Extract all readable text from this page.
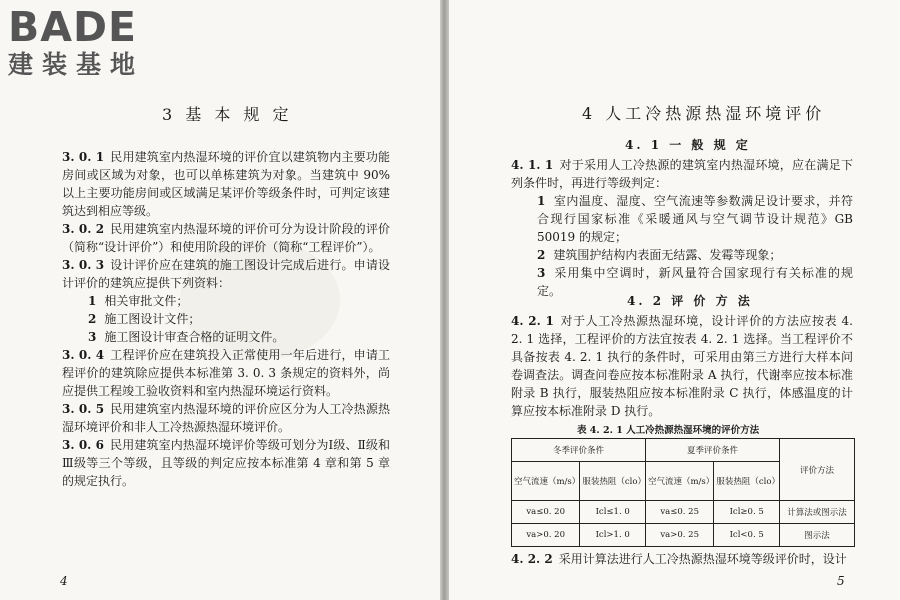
BADE
建装基地
3 基 本 规 定

3. 0. 1 民用建筑室内热湿环境的评价宜以建筑物内主要功能房间或区域为对象，也可以单栋建筑为对象。当建筑中 90%以上主要功能房间或区域满足某评价等级条件时，可判定该建筑达到相应等级。

3. 0. 2 民用建筑室内热湿环境的评价可分为设计阶段的评价（简称“设计评价”）和使用阶段的评价（简称“工程评价”）。

3. 0. 3 设计评价应在建筑的施工图设计完成后进行。申请设计评价的建筑应提供下列资料：

1 相关审批文件；
2 施工图设计文件；
3 施工图设计审查合格的证明文件。

3. 0. 4 工程评价应在建筑投入正常使用一年后进行，申请工程评价的建筑除应提供本标准第 3. 0. 3 条规定的资料外，尚应提供工程竣工验收资料和室内热湿环境运行资料。

3. 0. 5 民用建筑室内热湿环境的评价应区分为人工冷热源热湿环境评价和非人工冷热源热湿环境评价。

3. 0. 6 民用建筑室内热湿环境评价等级可划分为Ⅰ级、Ⅱ级和Ⅲ级等三个等级，且等级的判定应按本标准第 4 章和第 5 章的规定执行。

4
4 人工冷热源热湿环境评价
4. 1 一 般 规 定

4. 1. 1 对于采用人工冷热源的建筑室内热湿环境，应在满足下列条件时，再进行等级判定：

1 室内温度、湿度、空气流速等参数满足设计要求，并符合现行国家标准《采暖通风与空气调节设计规范》GB 50019 的规定；
2 建筑围护结构内表面无结露、发霉等现象；
3 采用集中空调时，新风量符合国家现行有关标准的规定。
4. 2 评 价 方 法

4. 2. 1 对于人工冷热源热湿环境，设计评价的方法应按表 4. 2. 1 选择，工程评价的方法宜按表 4. 2. 1 选择。当工程评价不具备按表 4. 2. 1 执行的条件时，可采用由第三方进行大样本问卷调查法。调查问卷应按本标准附录 A 执行，代谢率应按本标准附录 B 执行，服装热阻应按本标准附录 C 执行，体感温度的计算应按本标准附录 D 执行。

表 4. 2. 1 人工冷热源热湿环境的评价方法
冬季评价条件		夏季评价条件		评价方法
空气流速（m/s）	服装热阻（clo）	空气流速（m/s）	服装热阻（clo）	
va≤0. 20	Icl≤1. 0	va≤0. 25	Icl≥0. 5	计算法或图示法
va>0. 20	Icl>1. 0	va>0. 25	Icl<0. 5	图示法

4. 2. 2 采用计算法进行人工冷热源热湿环境等级评价时，设计

5
